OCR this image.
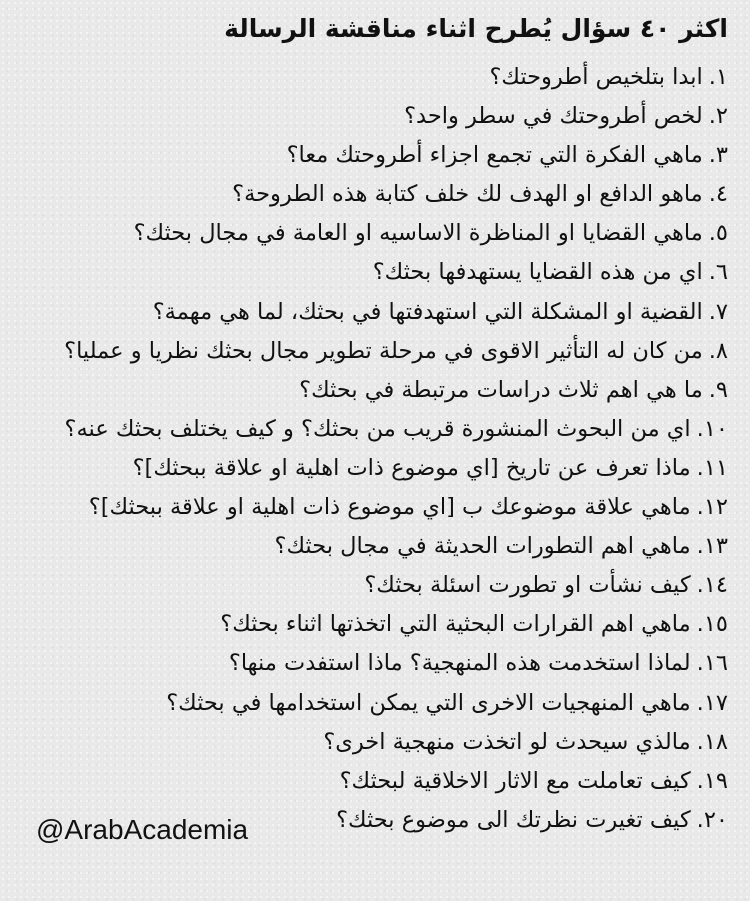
اكثر ٤٠ سؤال يُطرح اثناء مناقشة الرسالة
١.ابدا بتلخيص أطروحتك؟
٢.لخص أطروحتك في سطر واحد؟
٣.ماهي الفكرة التي تجمع اجزاء أطروحتك معا؟
٤.ماهو الدافع او الهدف لك خلف كتابة هذه الطروحة؟
٥.ماهي القضايا او المناظرة الاساسيه او العامة في مجال بحثك؟
٦.اي من هذه القضايا يستهدفها بحثك؟
٧.القضية او المشكلة التي استهدفتها في بحثك، لما هي مهمة؟
٨.من كان له التأثير الاقوى في مرحلة تطوير مجال بحثك نظريا و عمليا؟
٩.ما هي اهم ثلاث دراسات مرتبطة في بحثك؟
١٠.اي من البحوث المنشورة قريب من بحثك؟ و كيف يختلف بحثك عنه؟
١١.ماذا تعرف عن تاريخ [اي موضوع ذات اهلية او علاقة ببحثك]؟
١٢.ماهي علاقة موضوعك ب [اي موضوع ذات اهلية او علاقة ببحثك]؟
١٣.ماهي اهم التطورات الحديثة في مجال بحثك؟
١٤.كيف نشأت او تطورت اسئلة بحثك؟
١٥.ماهي اهم القرارات البحثية التي اتخذتها اثناء بحثك؟
١٦.لماذا استخدمت هذه المنهجية؟ ماذا استفدت منها؟
١٧.ماهي المنهجيات الاخرى التي يمكن استخدامها في بحثك؟
١٨.مالذي سيحدث لو اتخذت منهجية اخرى؟
١٩.كيف تعاملت مع الاثار الاخلاقية لبحثك؟
٢٠.كيف تغيرت نظرتك الى موضوع بحثك؟
@ArabAcademia
